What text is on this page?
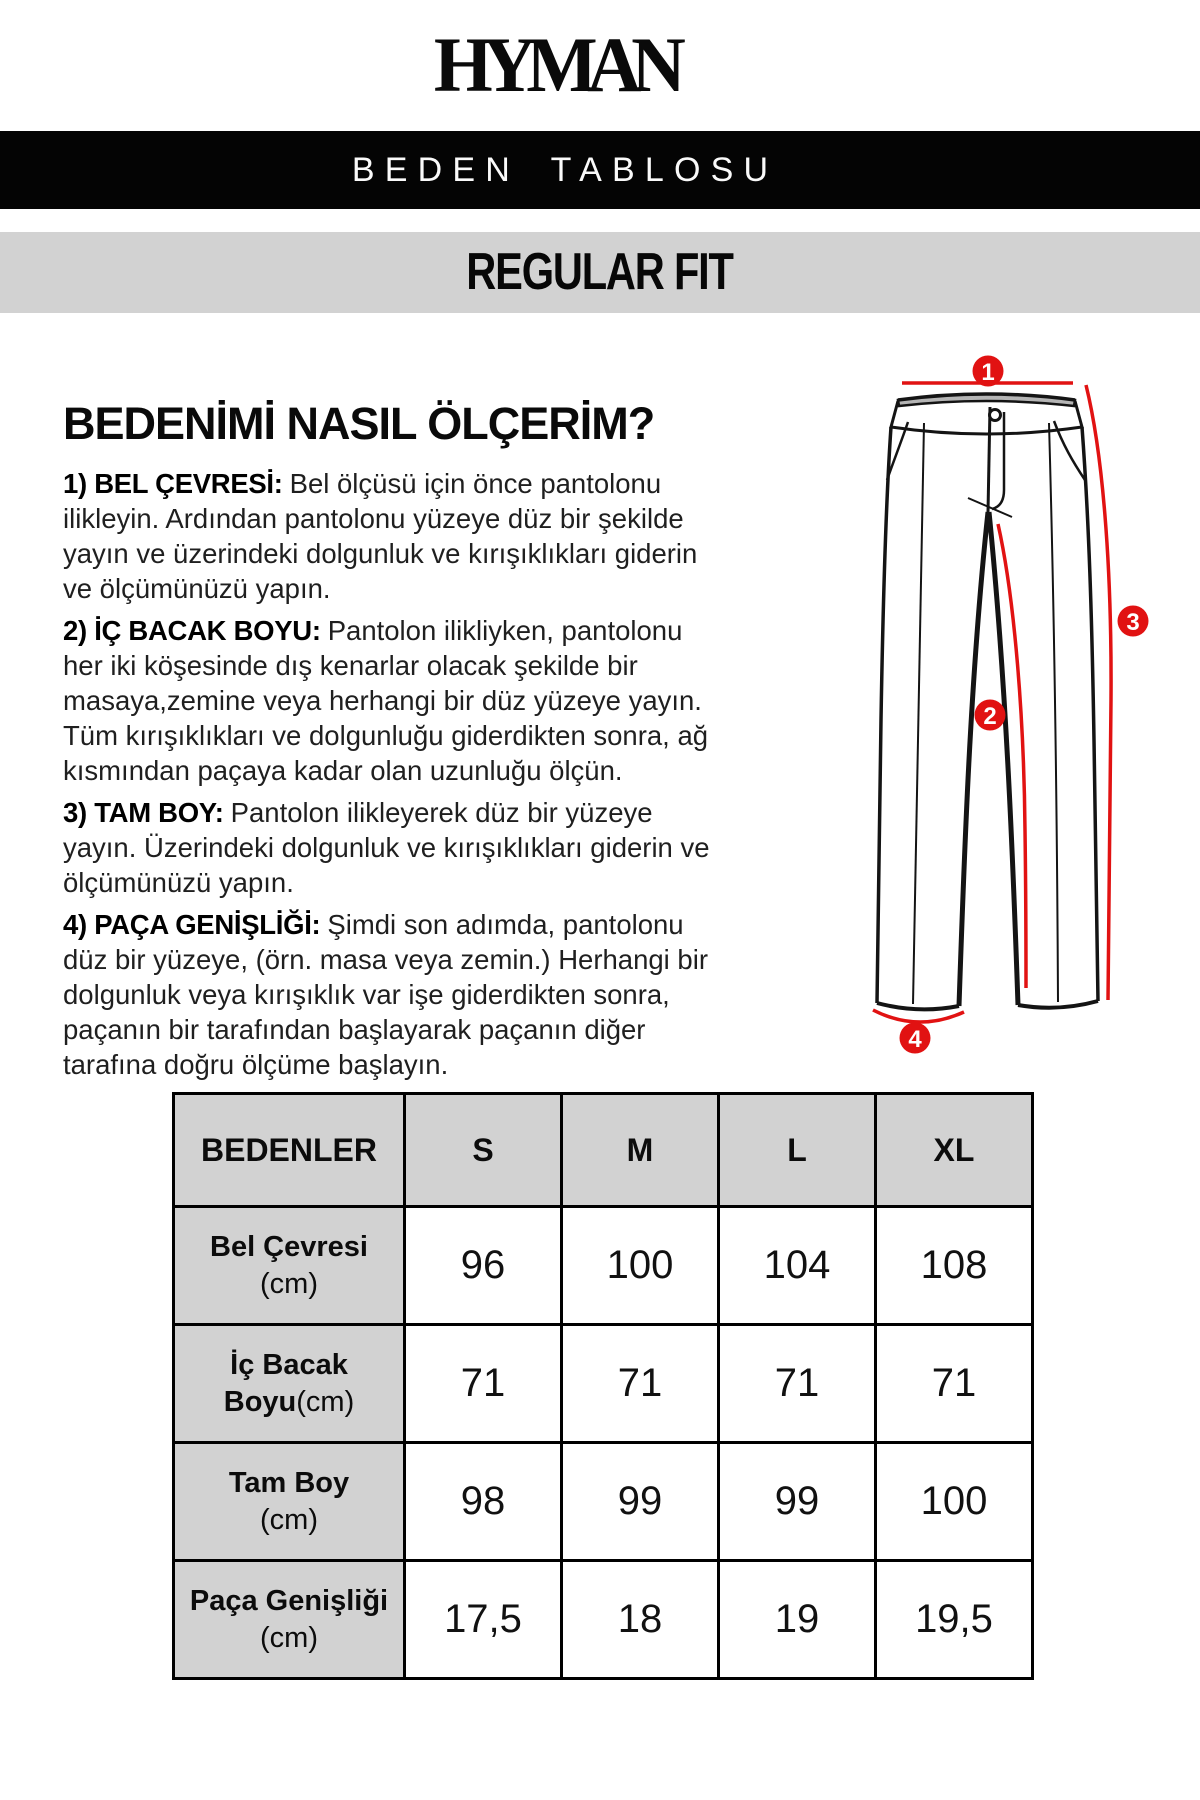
HYMAN
BEDEN TABLOSU
REGULAR FIT
BEDENİMİ NASIL ÖLÇERİM?

1) BEL ÇEVRESİ: Bel ölçüsü için önce pantolonu ilikleyin. Ardından pantolonu yüzeye düz bir şekilde yayın ve üzerindeki dolgunluk ve kırışıklıkları giderin ve ölçümünüzü yapın.

2) İÇ BACAK BOYU: Pantolon ilikliyken, pantolonu her iki köşesinde dış kenarlar olacak şekilde bir masaya,zemine veya herhangi bir düz yüzeye yayın. Tüm kırışıklıkları ve dolgunluğu giderdikten sonra, ağ kısmından paçaya kadar olan uzunluğu ölçün.

3) TAM BOY: Pantolon ilikleyerek düz bir yüzeye yayın. Üzerindeki dolgunluk ve kırışıklıkları giderin ve ölçümünüzü yapın.

4) PAÇA GENİŞLİĞİ: Şimdi son adımda, pantolonu düz bir yüzeye, (örn. masa veya zemin.) Herhangi bir dolgunluk veya kırışıklık var işe giderdikten sonra, paçanın bir tarafından başlayarak paçanın diğer tarafına doğru ölçüme başlayın.

1
2
3
4
BEDENLER	S	M	L	XL
Bel Çevresi
(cm)	96	100	104	108
İç Bacak
Boyu(cm)	71	71	71	71
Tam Boy
(cm)	98	99	99	100
Paça Genişliği
(cm)	17,5	18	19	19,5
